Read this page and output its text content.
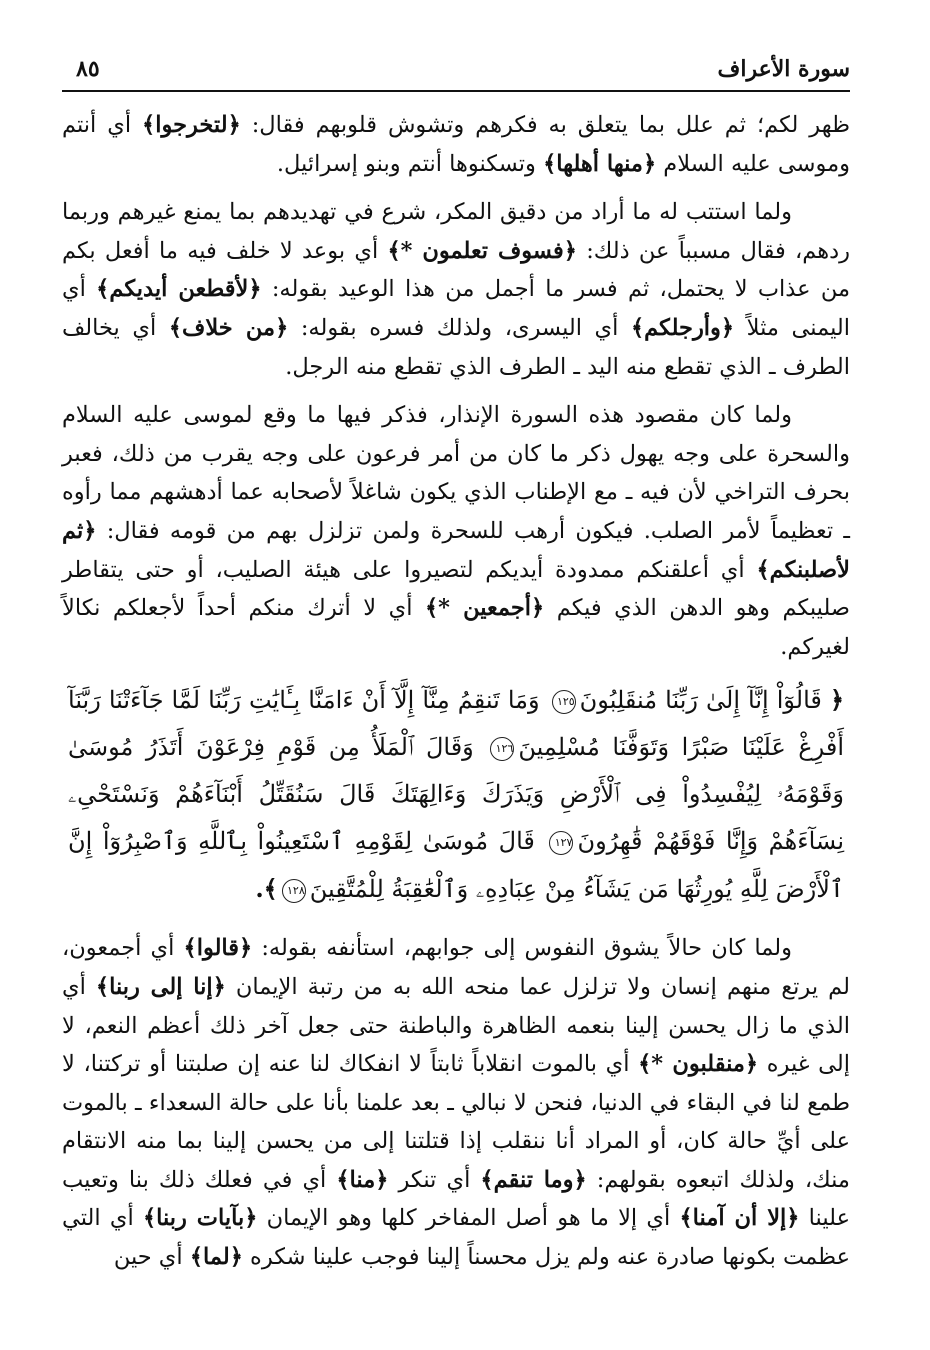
سورة الأعراف
٨٥

ظهر لكم؛ ثم علل بما يتعلق به فكرهم وتشوش قلوبهم فقال: ﴿لتخرجوا﴾ أي أنتم وموسى عليه السلام ﴿منها أهلها﴾ وتسكنوها أنتم وبنو إسرائيل.

ولما استتب له ما أراد من دقيق المكر، شرع في تهديدهم بما يمنع غيرهم وربما ردهم، فقال مسبباً عن ذلك: ﴿فسوف تعلمون *﴾ أي بوعد لا خلف فيه ما أفعل بكم من عذاب لا يحتمل، ثم فسر ما أجمل من هذا الوعيد بقوله: ﴿لأقطعن أيديكم﴾ أي اليمنى مثلاً ﴿وأرجلكم﴾ أي اليسرى، ولذلك فسره بقوله: ﴿من خلاف﴾ أي يخالف الطرف ـ الذي تقطع منه اليد ـ الطرف الذي تقطع منه الرجل.

ولما كان مقصود هذه السورة الإنذار، فذكر فيها ما وقع لموسى عليه السلام والسحرة على وجه يهول ذكر ما كان من أمر فرعون على وجه يقرب من ذلك، فعبر بحرف التراخي لأن فيه ـ مع الإطناب الذي يكون شاغلاً لأصحابه عما أدهشهم مما رأوه ـ تعظيماً لأمر الصلب. فيكون أرهب للسحرة ولمن تزلزل بهم من قومه فقال: ﴿ثم لأصلبنكم﴾ أي أعلقنكم ممدودة أيديكم لتصيروا على هيئة الصليب، أو حتى يتقاطر صليبكم وهو الدهن الذي فيكم ﴿أجمعين *﴾ أي لا أترك منكم أحداً لأجعلكم نكالاً لغيركم.

﴿ قَالُوٓاْ إِنَّآ إِلَىٰ رَبِّنَا مُنقَلِبُونَ١٢٥ وَمَا تَنقِمُ مِنَّآ إِلَّآ أَنْ ءَامَنَّا بِـَٔايَٰتِ رَبِّنَا لَمَّا جَآءَتْنَا رَبَّنَآ أَفْرِغْ عَلَيْنَا صَبْرًا وَتَوَفَّنَا مُسْلِمِينَ١٢٦ وَقَالَ ٱلْمَلَأُ مِن قَوْمِ فِرْعَوْنَ أَتَذَرُ مُوسَىٰ وَقَوْمَهُۥ لِيُفْسِدُواْ فِى ٱلْأَرْضِ وَيَذَرَكَ وَءَالِهَتَكَ قَالَ سَنُقَتِّلُ أَبْنَآءَهُمْ وَنَسْتَحْىِۦ نِسَآءَهُمْ وَإِنَّا فَوْقَهُمْ قَٰهِرُونَ١٢٧ قَالَ مُوسَىٰ لِقَوْمِهِ ٱسْتَعِينُواْ بِٱللَّهِ وَٱصْبِرُوٓاْ إِنَّ ٱلْأَرْضَ لِلَّهِ يُورِثُهَا مَن يَشَآءُ مِنْ عِبَادِهِۦ وَٱلْعَٰقِبَةُ لِلْمُتَّقِينَ١٢٨﴾.

ولما كان حالاً يشوق النفوس إلى جوابهم، استأنفه بقوله: ﴿قالوا﴾ أي أجمعون، لم يرتع منهم إنسان ولا تزلزل عما منحه الله به من رتبة الإيمان ﴿إنا إلى ربنا﴾ أي الذي ما زال يحسن إلينا بنعمه الظاهرة والباطنة حتى جعل آخر ذلك أعظم النعم، لا إلى غيره ﴿منقلبون *﴾ أي بالموت انقلاباً ثابتاً لا انفكاك لنا عنه إن صلبتنا أو تركتنا، لا طمع لنا في البقاء في الدنيا، فنحن لا نبالي ـ بعد علمنا بأنا على حالة السعداء ـ بالموت على أيِّ حالة كان، أو المراد أنا ننقلب إذا قتلتنا إلى من يحسن إلينا بما منه الانتقام منك، ولذلك اتبعوه بقولهم: ﴿وما تنقم﴾ أي تنكر ﴿منا﴾ أي في فعلك ذلك بنا وتعيب علينا ﴿إلا أن آمنا﴾ أي إلا ما هو أصل المفاخر كلها وهو الإيمان ﴿بآيات ربنا﴾ أي التي عظمت بكونها صادرة عنه ولم يزل محسناً إلينا فوجب علينا شكره ﴿لما﴾ أي حين
